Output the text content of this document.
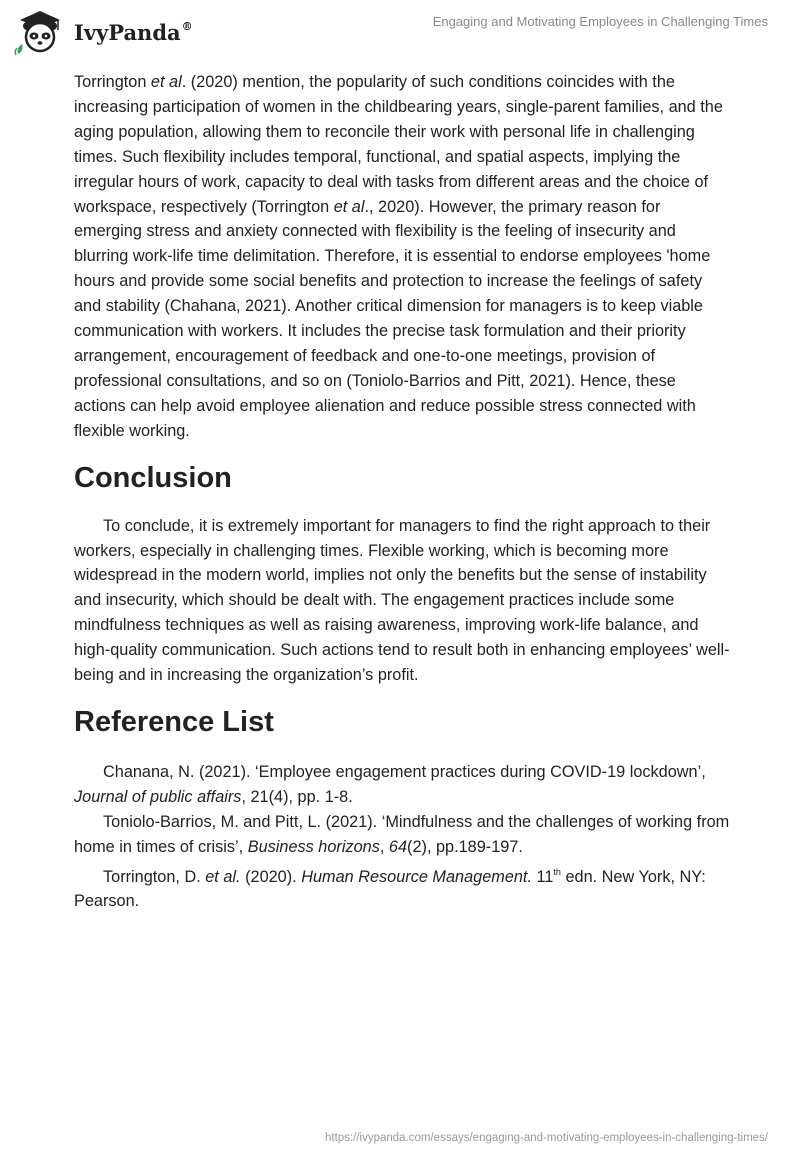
IvyPanda®	Engaging and Motivating Employees in Challenging Times

Torrington et al. (2020) mention, the popularity of such conditions coincides with the increasing participation of women in the childbearing years, single-parent families, and the aging population, allowing them to reconcile their work with personal life in challenging times. Such flexibility includes temporal, functional, and spatial aspects, implying the irregular hours of work, capacity to deal with tasks from different areas and the choice of workspace, respectively (Torrington et al., 2020). However, the primary reason for emerging stress and anxiety connected with flexibility is the feeling of insecurity and blurring work-life time delimitation. Therefore, it is essential to endorse employees 'home hours and provide some social benefits and protection to increase the feelings of safety and stability (Chahana, 2021). Another critical dimension for managers is to keep viable communication with workers. It includes the precise task formulation and their priority arrangement, encouragement of feedback and one-to-one meetings, provision of professional consultations, and so on (Toniolo-Barrios and Pitt, 2021). Hence, these actions can help avoid employee alienation and reduce possible stress connected with flexible working.

Conclusion

To conclude, it is extremely important for managers to find the right approach to their workers, especially in challenging times. Flexible working, which is becoming more widespread in the modern world, implies not only the benefits but the sense of instability and insecurity, which should be dealt with. The engagement practices include some mindfulness techniques as well as raising awareness, improving work-life balance, and high-quality communication. Such actions tend to result both in enhancing employees’ well-being and in increasing the organization’s profit.

Reference List

Chanana, N. (2021). ‘Employee engagement practices during COVID-19 lockdown’, Journal of public affairs, 21(4), pp. 1-8.

Toniolo-Barrios, M. and Pitt, L. (2021). ‘Mindfulness and the challenges of working from home in times of crisis’, Business horizons, 64(2), pp.189-197.

Torrington, D. et al. (2020). Human Resource Management. 11th edn. New York, NY: Pearson.

https://ivypanda.com/essays/engaging-and-motivating-employees-in-challenging-times/
